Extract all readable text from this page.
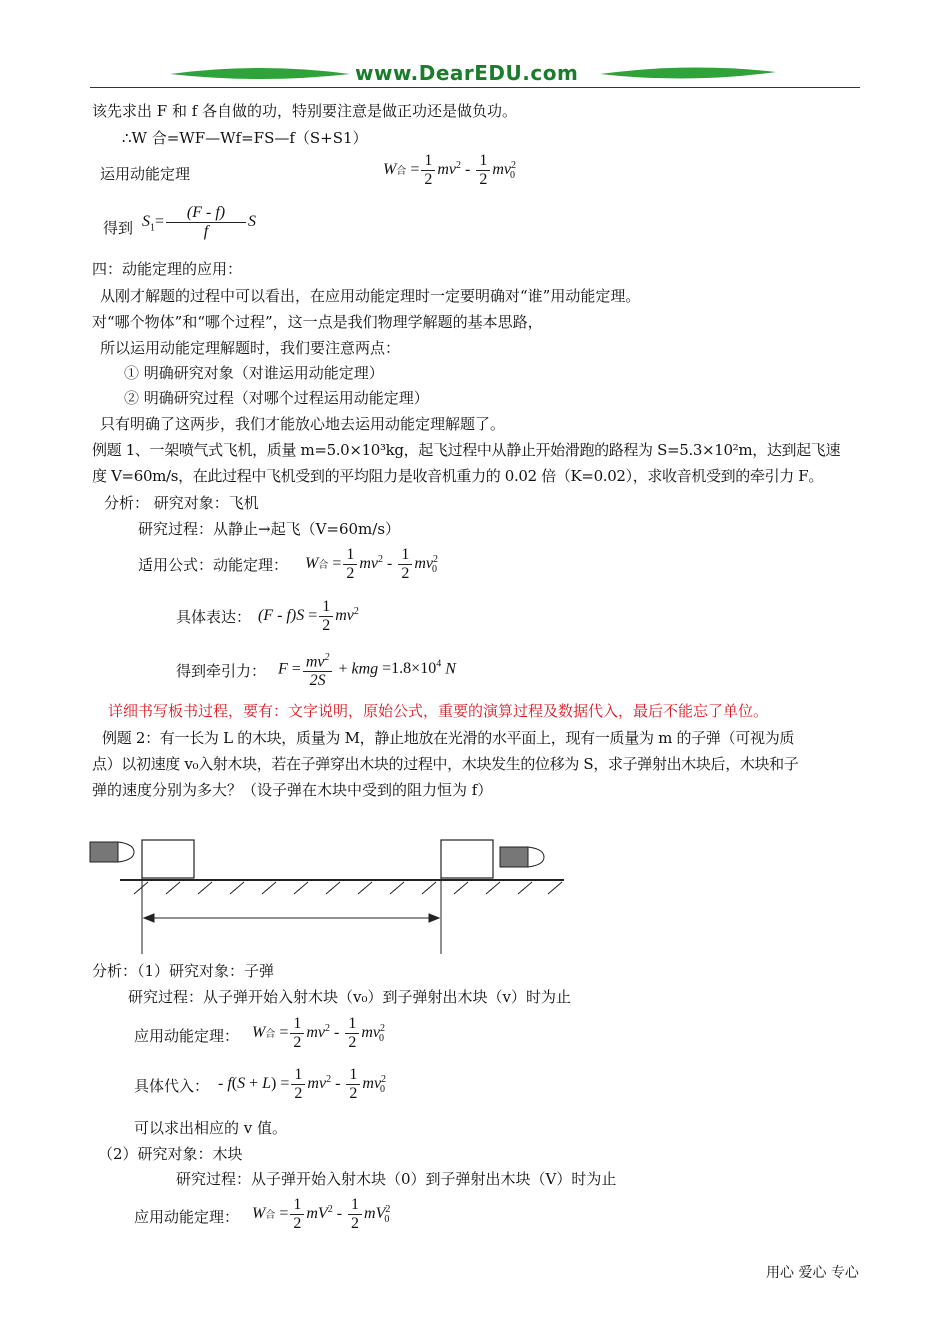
www.DearEDU.com
该先求出 F 和 f 各自做的功，特别要注意是做正功还是做负功。
∴W 合=WF—Wf=FS—f（S+S1）
运用动能定理	W合 = $\frac{1}{2} mv^2 - \frac{1}{2} mv^2_0$
得到 $S_1= \frac{(F - f)}{f}$ S
四：动能定理的应用：
从刚才解题的过程中可以看出，在应用动能定理时一定要明确对“谁”用动能定理。
对“哪个物体”和“哪个过程”，这一点是我们物理学解题的基本思路，
所以运用动能定理解题时，我们要注意两点：
① 明确研究对象（对谁运用动能定理）
② 明确研究过程（对哪个过程运用动能定理）
只有明确了这两步，我们才能放心地去运用动能定理解题了。
例题 1、一架喷气式飞机，质量 m=5.0×10³kg，起飞过程中从静止开始滑跑的路程为 S=5.3×10²m，达到起飞速
度 V=60m/s，在此过程中飞机受到的平均阻力是收音机重力的 0.02 倍（K=0.02），求收音机受到的牵引力 F。
分析： 研究对象：飞机
研究过程：从静止→起飞（V=60m/s）
适用公式：动能定理： W合 = $\frac{1}{2} mv^2 - \frac{1}{2} mv^2_0$
具体表达： $(F - f)S = \frac{1}{2} mv^2$
得到牵引力： $F = \frac{mv^2}{2S}$ + kmg $=1.8\times 10^4$ N
详细书写板书过程，要有：文字说明，原始公式，重要的演算过程及数据代入，最后不能忘了单位。
例题 2：有一长为 L 的木块，质量为 M，静止地放在光滑的水平面上，现有一质量为 m 的子弹（可视为质
点）以初速度 v₀入射木块，若在子弹穿出木块的过程中，木块发生的位移为 S，求子弹射出木块后，木块和子
弹的速度分别为多大？（设子弹在木块中受到的阻力恒为 f）
分析：（1）研究对象：子弹
研究过程：从子弹开始入射木块（v₀）到子弹射出木块（v）时为止
应用动能定理： W合 = $\frac{1}{2} mv^2 - \frac{1}{2} mv^2_0$
具体代入： - $f(S + L) = \frac{1}{2} mv^2 - \frac{1}{2} mv^2_0$
可以求出相应的 v 值。
（2）研究对象：木块
研究过程：从子弹开始入射木块（0）到子弹射出木块（V）时为止
应用动能定理： W合 = $\frac{1}{2} mV^2 - \frac{1}{2} mV^2_0$
用心 爱心 专心
